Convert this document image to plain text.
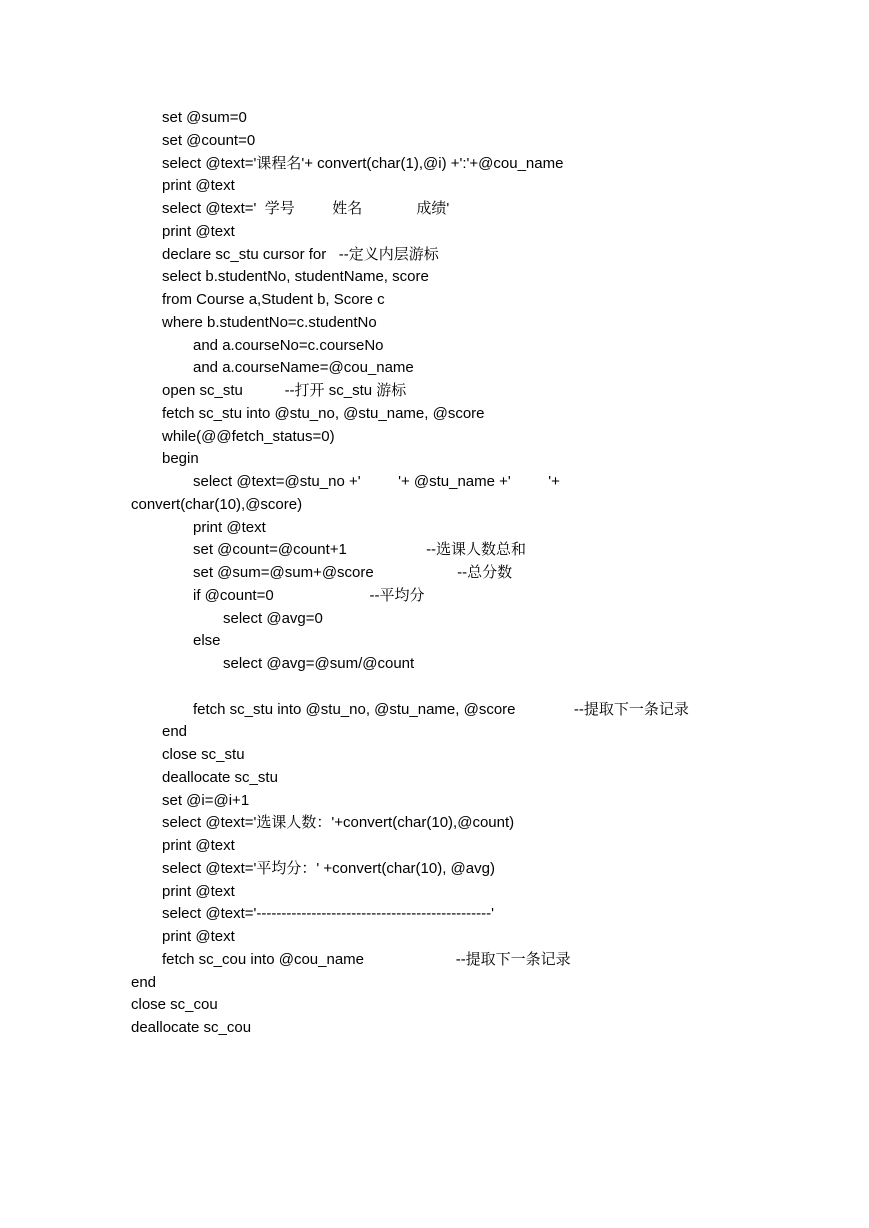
set @sum=0
set @count=0
select @text='课程名'+ convert(char(1),@i) +':'+@cou_name
print @text
select @text='  学号         姓名             成绩'
print @text
declare sc_stu cursor for   --定义内层游标
select b.studentNo, studentName, score
from Course a,Student b, Score c
where b.studentNo=c.studentNo
and a.courseNo=c.courseNo
and a.courseName=@cou_name
open sc_stu          --打开 sc_stu 游标
fetch sc_stu into @stu_no, @stu_name, @score
while(@@fetch_status=0)
begin
select @text=@stu_no +'         '+ @stu_name +'         '+
convert(char(10),@score)
print @text
set @count=@count+1                   --选课人数总和
set @sum=@sum+@score                    --总分数
if @count=0                       --平均分
select @avg=0
else
select @avg=@sum/@count
fetch sc_stu into @stu_no, @stu_name, @score              --提取下一条记录
end
close sc_stu
deallocate sc_stu
set @i=@i+1
select @text='选课人数：'+convert(char(10),@count)
print @text
select @text='平均分：' +convert(char(10), @avg)
print @text
select @text='-----------------------------------------------'
print @text
fetch sc_cou into @cou_name                      --提取下一条记录
end
close sc_cou
deallocate sc_cou
